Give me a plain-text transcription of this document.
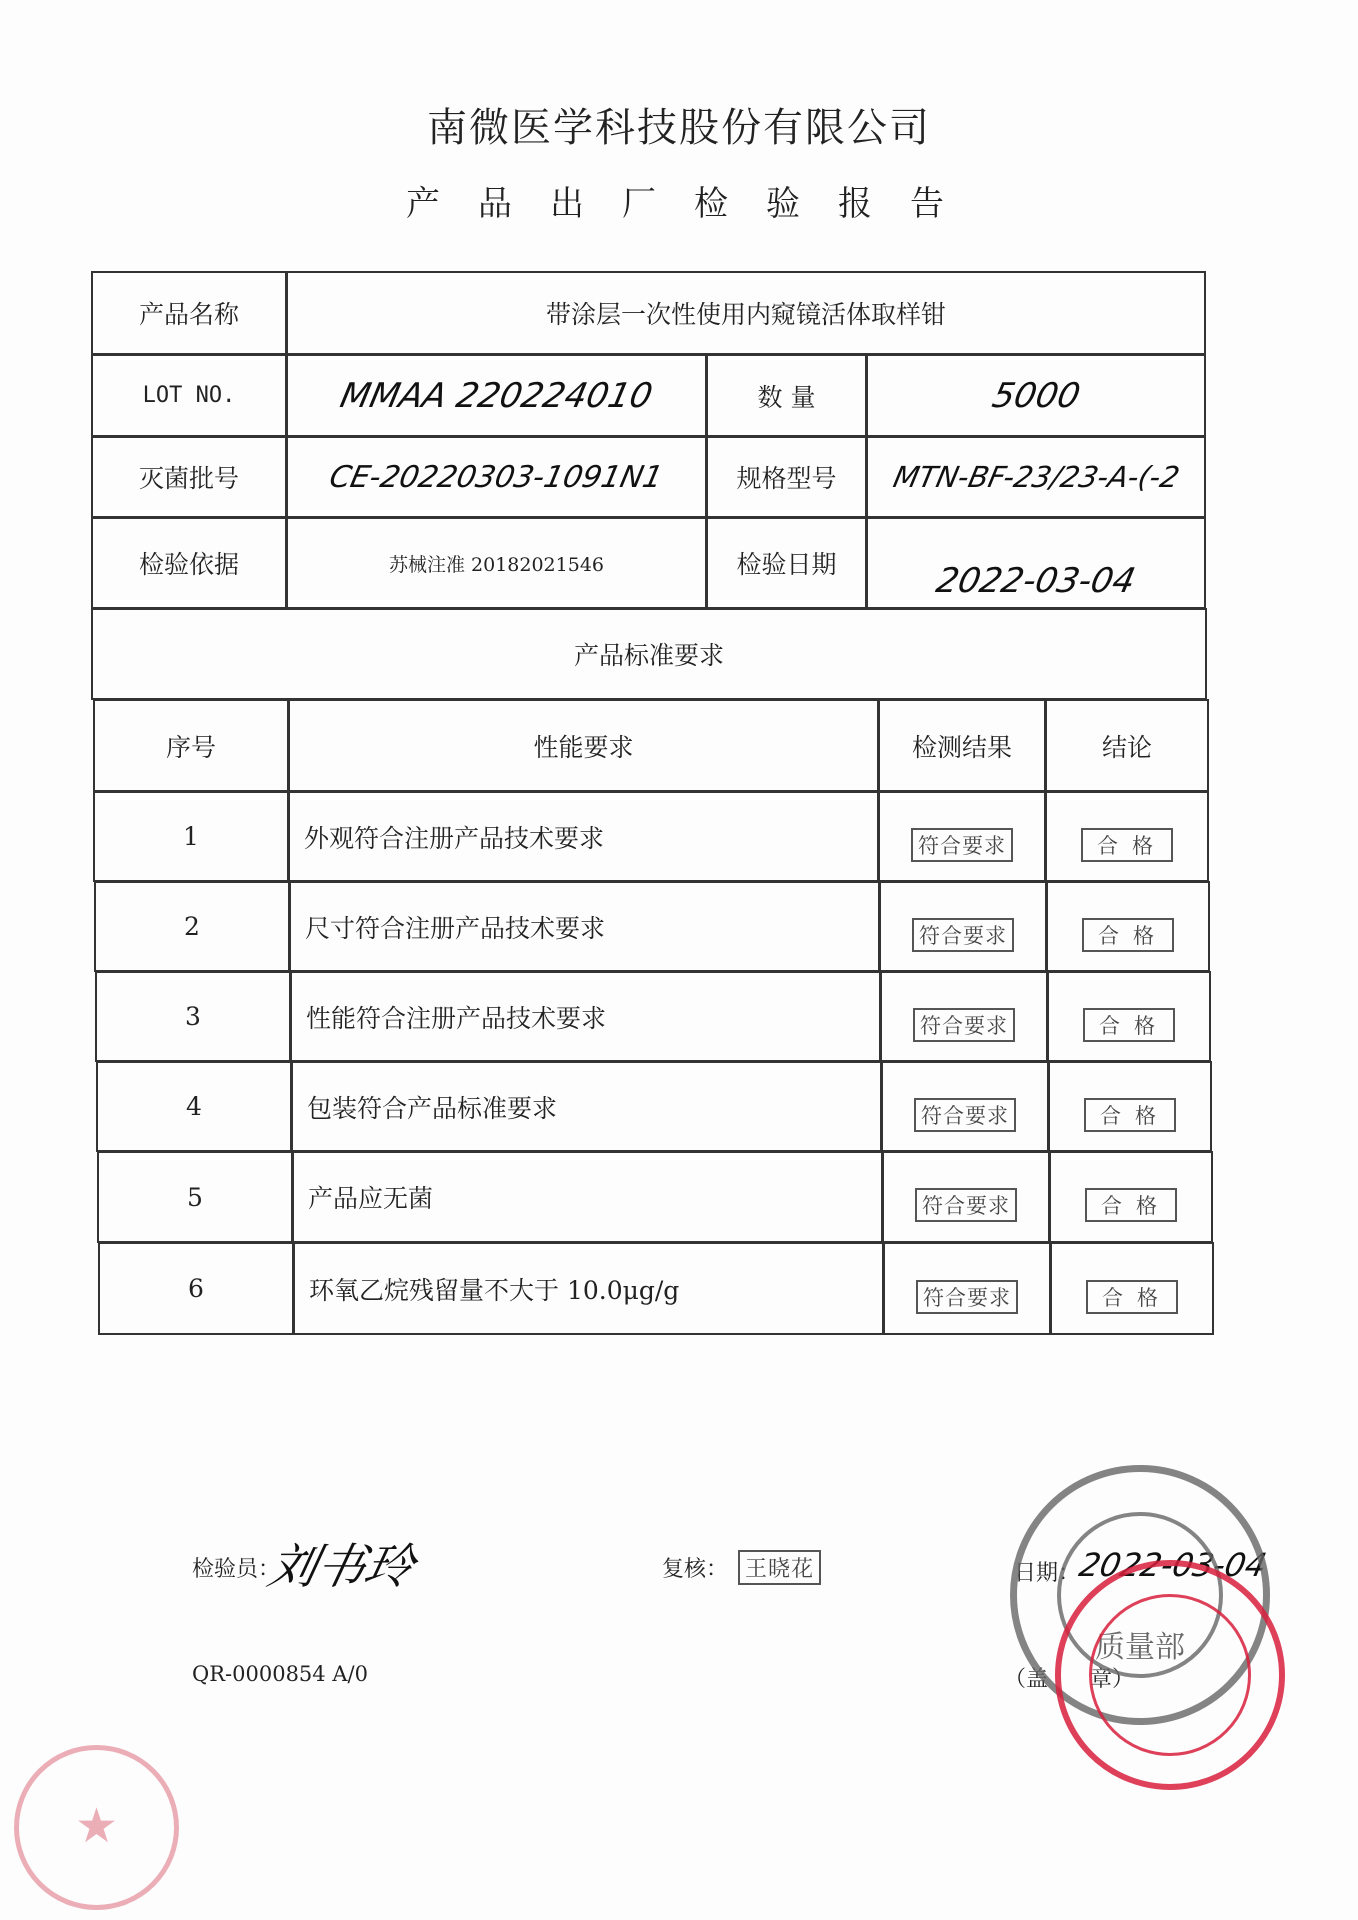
南微医学科技股份有限公司
产品出厂检验报告
产品名称	带涂层一次性使用内窥镜活体取样钳
LOT NO.	MMAA 220224010	数 量	5000
灭菌批号	CE-20220303-1091N1	规格型号	MTN-BF-23/23-A-(-2
检验依据	苏械注准 20182021546	检验日期	2022-03-04
产品标准要求
序号	性能要求	检测结果	结论
1	外观符合注册产品技术要求	符合要求	合格
2	尺寸符合注册产品技术要求	符合要求	合格
3	性能符合注册产品技术要求	符合要求	合格
4	包装符合产品标准要求	符合要求	合格
5	产品应无菌	符合要求	合格
6	环氧乙烷残留量不大于 10.0μg/g	符合要求	合格
检验员：
刘书玲	复核： 王晓花	日期：
2022-03-04
（盖      章）
QR-0000854 A/0
质量部
★
